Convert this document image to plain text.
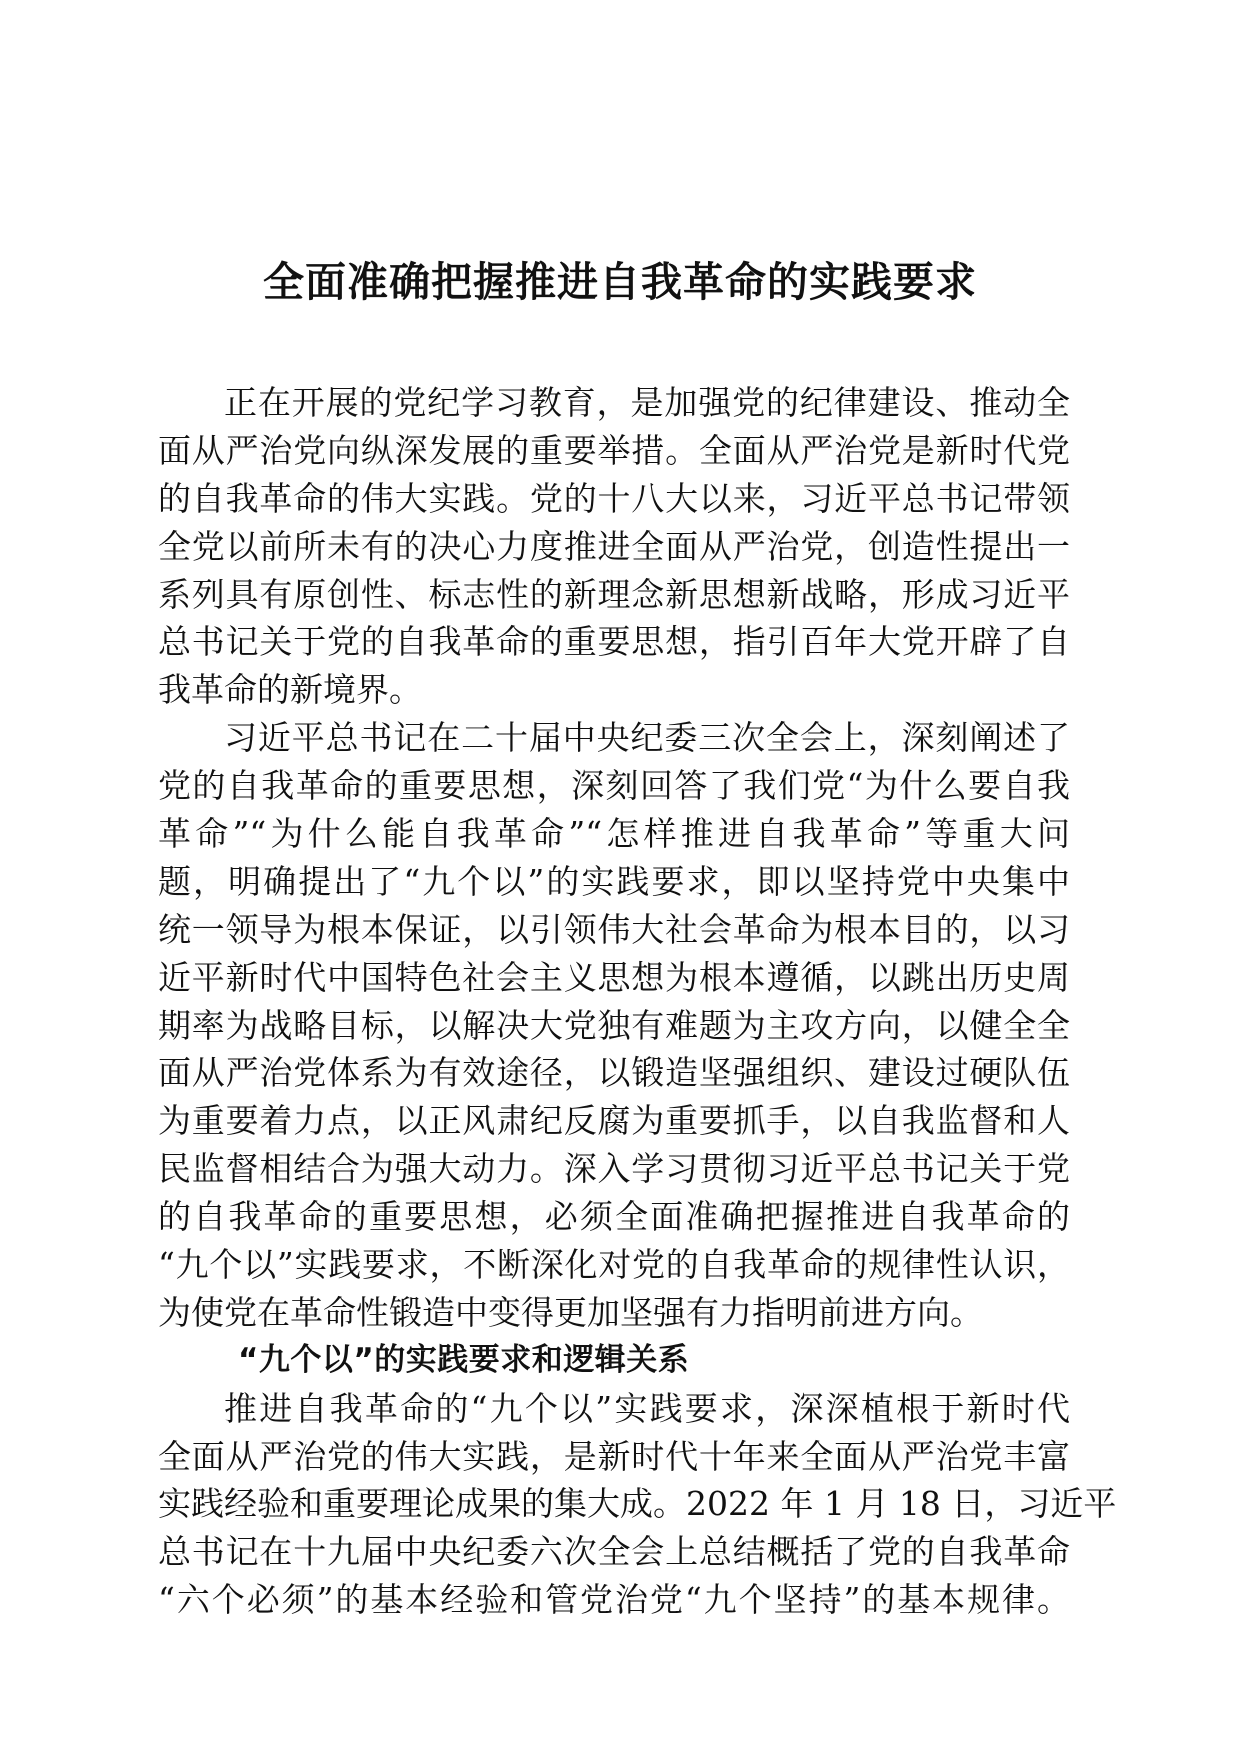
全面准确把握推进自我革命的实践要求
正在开展的党纪学习教育，是加强党的纪律建设、推动全
面从严治党向纵深发展的重要举措。全面从严治党是新时代党
的自我革命的伟大实践。党的十八大以来，习近平总书记带领
全党以前所未有的决心力度推进全面从严治党，创造性提出一
系列具有原创性、标志性的新理念新思想新战略，形成习近平
总书记关于党的自我革命的重要思想，指引百年大党开辟了自
我革命的新境界。
习近平总书记在二十届中央纪委三次全会上，深刻阐述了
党的自我革命的重要思想，深刻回答了我们党“为什么要自我
革命”“为什么能自我革命”“怎样推进自我革命”等重大问
题，明确提出了“九个以”的实践要求，即以坚持党中央集中
统一领导为根本保证，以引领伟大社会革命为根本目的，以习
近平新时代中国特色社会主义思想为根本遵循，以跳出历史周
期率为战略目标，以解决大党独有难题为主攻方向，以健全全
面从严治党体系为有效途径，以锻造坚强组织、建设过硬队伍
为重要着力点，以正风肃纪反腐为重要抓手，以自我监督和人
民监督相结合为强大动力。深入学习贯彻习近平总书记关于党
的自我革命的重要思想，必须全面准确把握推进自我革命的
“九个以”实践要求，不断深化对党的自我革命的规律性认识，
为使党在革命性锻造中变得更加坚强有力指明前进方向。
“九个以”的实践要求和逻辑关系
推进自我革命的“九个以”实践要求，深深植根于新时代
全面从严治党的伟大实践，是新时代十年来全面从严治党丰富
实践经验和重要理论成果的集大成。2022 年 1 月 18 日，习近平
总书记在十九届中央纪委六次全会上总结概括了党的自我革命
“六个必须”的基本经验和管党治党“九个坚持”的基本规律。
